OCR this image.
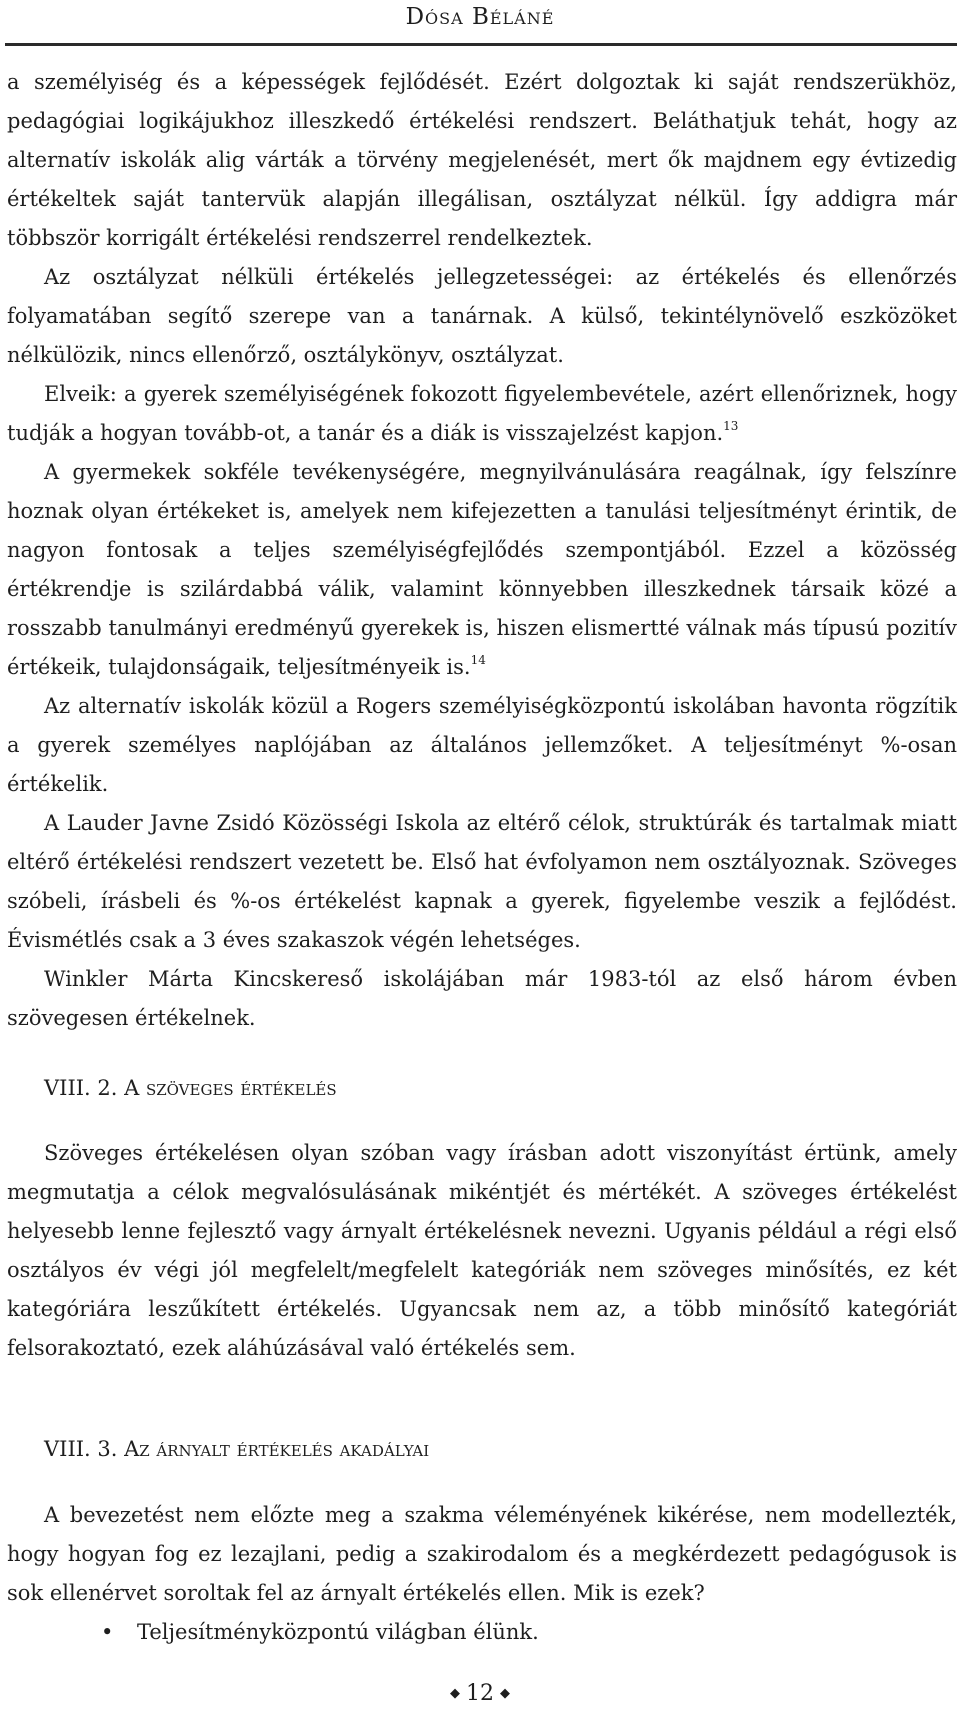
Dósa Béláné

a személyiség és a képességek fejlődését. Ezért dolgoztak ki saját rendszerükhöz, pedagógiai logikájukhoz illeszkedő értékelési rendszert. Beláthatjuk tehát, hogy az alternatív iskolák alig várták a törvény megjelenését, mert ők majdnem egy évtizedig értékeltek saját tantervük alapján illegálisan, osztályzat nélkül. Így addigra már többször korrigált értékelési rendszerrel rendelkeztek.

Az osztályzat nélküli értékelés jellegzetességei: az értékelés és ellenőrzés folyamatában segítő szerepe van a tanárnak. A külső, tekintélynövelő eszközöket nélkülözik, nincs ellenőrző, osztálykönyv, osztályzat.

Elveik: a gyerek személyiségének fokozott figyelembevétele, azért ellenőriznek, hogy tudják a hogyan tovább-ot, a tanár és a diák is visszajelzést kapjon.$^{13}$

A gyermekek sokféle tevékenységére, megnyilvánulására reagálnak, így felszínre hoznak olyan értékeket is, amelyek nem kifejezetten a tanulási teljesítményt érintik, de nagyon fontosak a teljes személyiségfejlődés szempontjából. Ezzel a közösség értékrendje is szilárdabbá válik, valamint könnyebben illeszkednek társaik közé a rosszabb tanulmányi eredményű gyerekek is, hiszen elismertté válnak más típusú pozitív értékeik, tulajdonságaik, teljesítményeik is.$^{14}$

Az alternatív iskolák közül a Rogers személyiségközpontú iskolában havonta rögzítik a gyerek személyes naplójában az általános jellemzőket. A teljesítményt %-osan értékelik.

A Lauder Javne Zsidó Közösségi Iskola az eltérő célok, struktúrák és tartalmak miatt eltérő értékelési rendszert vezetett be. Első hat évfolyamon nem osztályoznak. Szöveges szóbeli, írásbeli és %-os értékelést kapnak a gyerek, figyelembe veszik a fejlődést. Évismétlés csak a 3 éves szakaszok végén lehetséges.

Winkler Márta Kincskereső iskolájában már 1983-tól az első három évben szövegesen értékelnek.

VIII. 2. A szöveges értékelés

Szöveges értékelésen olyan szóban vagy írásban adott viszonyítást értünk, amely megmutatja a célok megvalósulásának mikéntjét és mértékét. A szöveges értékelést helyesebb lenne fejlesztő vagy árnyalt értékelésnek nevezni. Ugyanis például a régi első osztályos év végi jól megfelelt/megfelelt kategóriák nem szöveges minősítés, ez két kategóriára leszűkített értékelés. Ugyancsak nem az, a több minősítő kategóriát felsorakoztató, ezek aláhúzásával való értékelés sem.

VIII. 3. Az árnyalt értékelés akadályai

A bevezetést nem előzte meg a szakma véleményének kikérése, nem modellezték, hogy hogyan fog ez lezajlani, pedig a szakirodalom és a megkérdezett pedagógusok is sok ellenérvet soroltak fel az árnyalt értékelés ellen. Mik is ezek?

• Teljesítményközpontú világban élünk.
◆ 12 ◆
